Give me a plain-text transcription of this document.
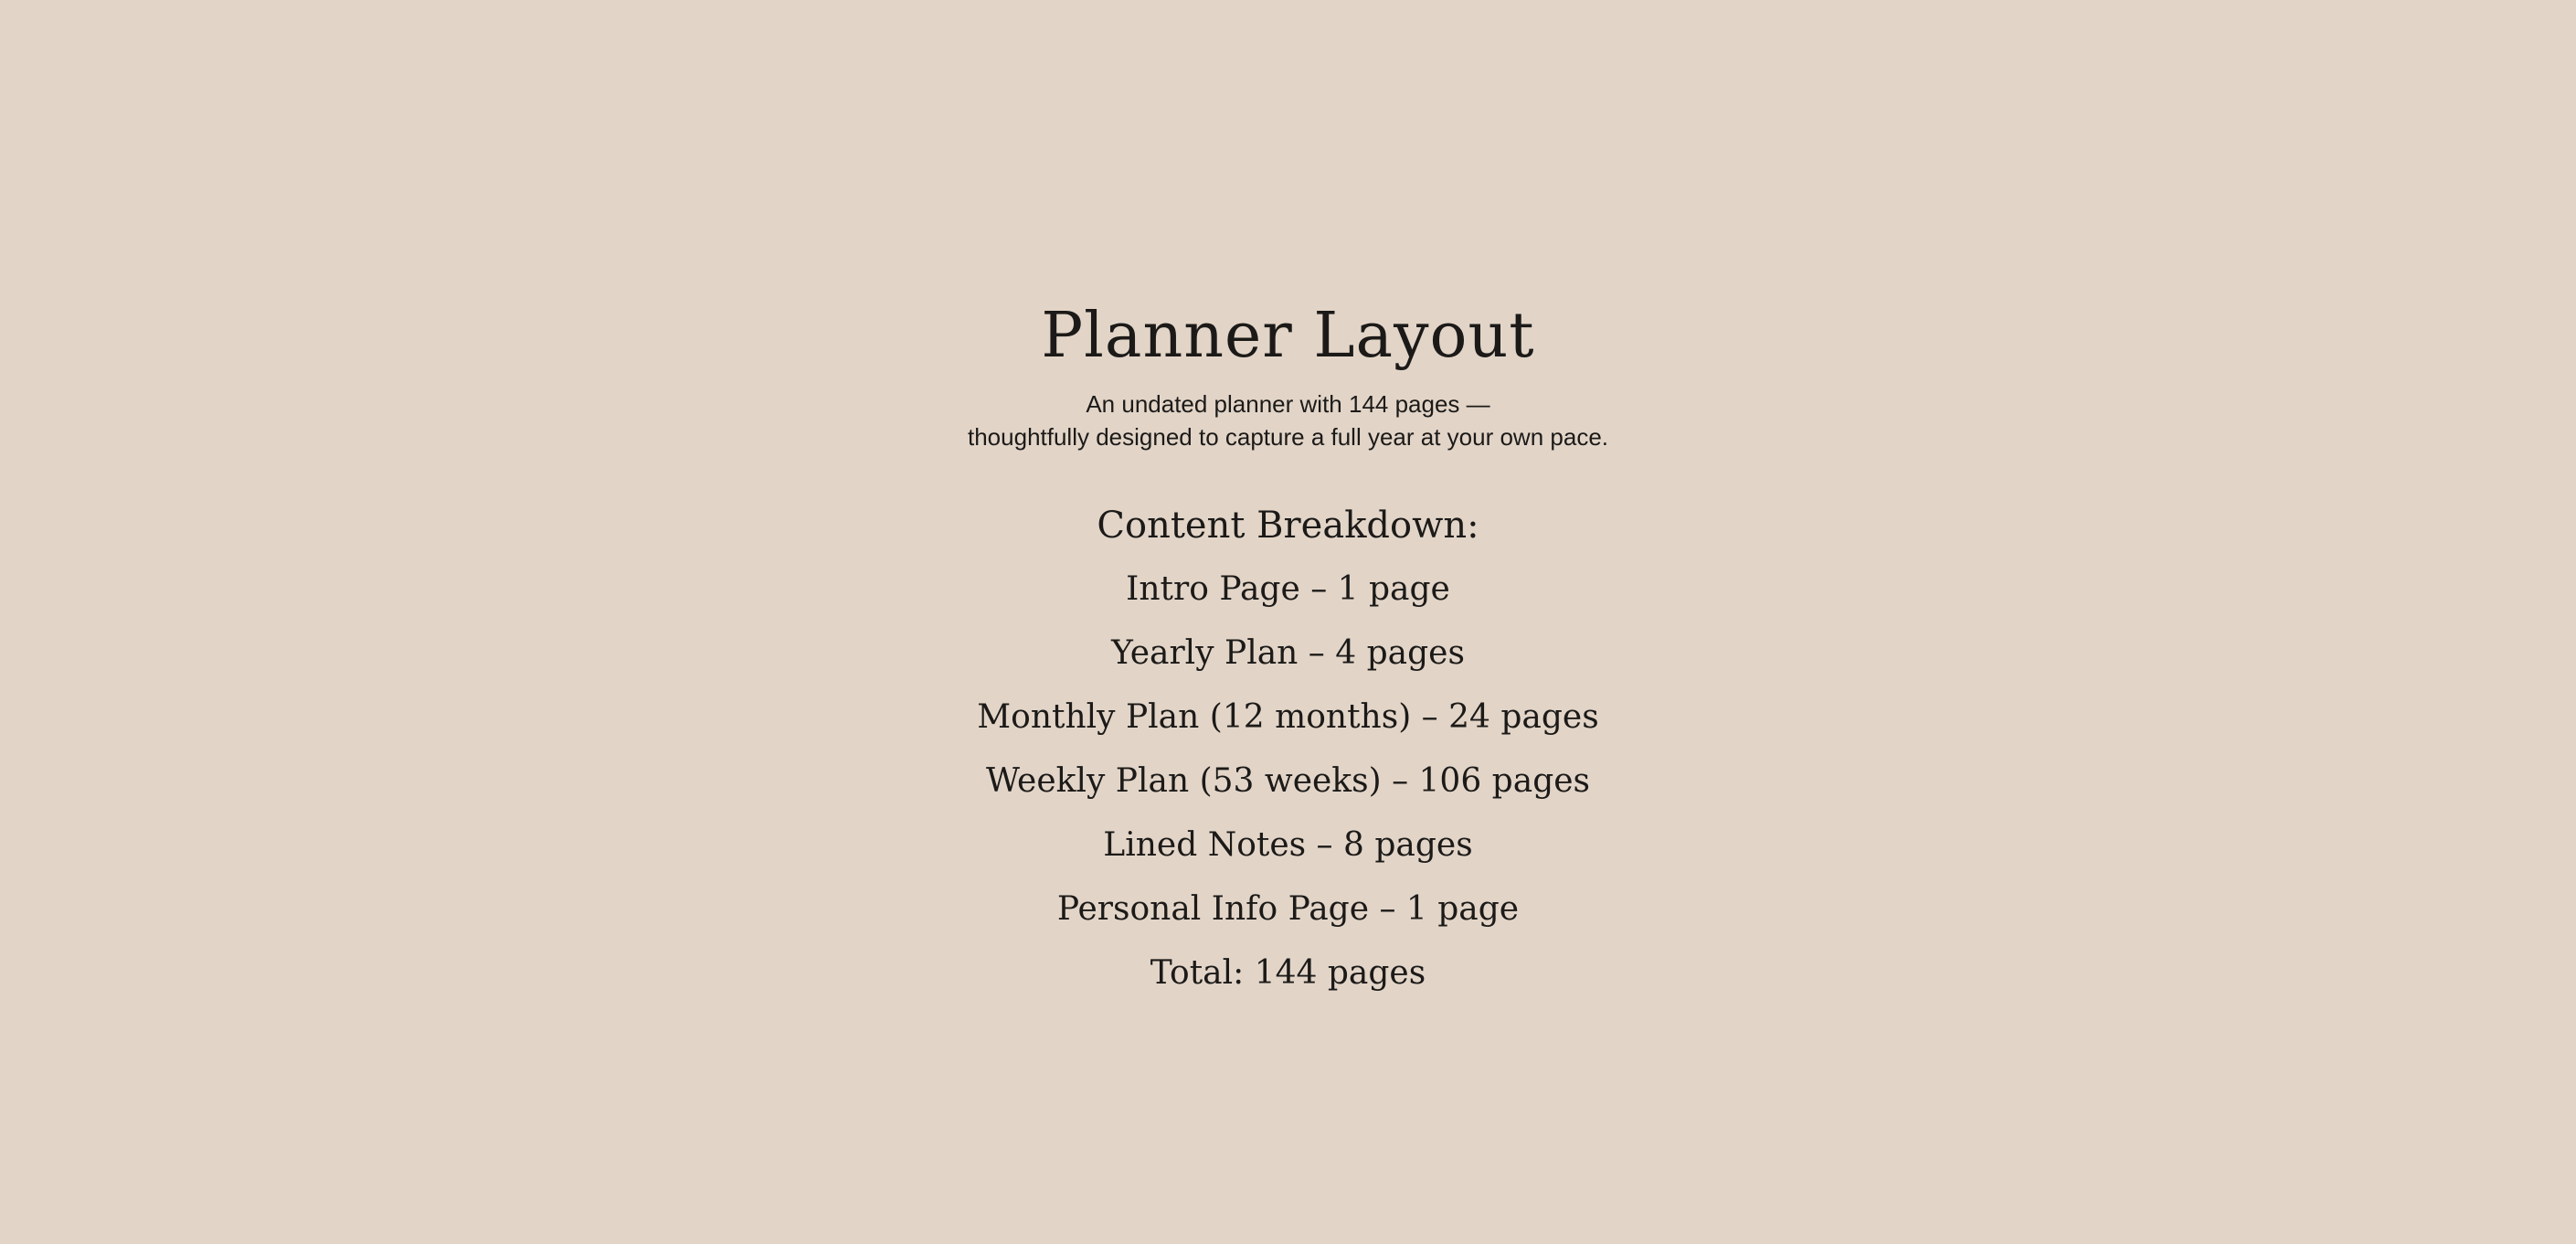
Planner Layout
An undated planner with 144 pages —
thoughtfully designed to capture a full year at your own pace.
Content Breakdown:
Intro Page – 1 page
Yearly Plan – 4 pages
Monthly Plan (12 months) – 24 pages
Weekly Plan (53 weeks) – 106 pages
Lined Notes – 8 pages
Personal Info Page – 1 page
Total: 144 pages
